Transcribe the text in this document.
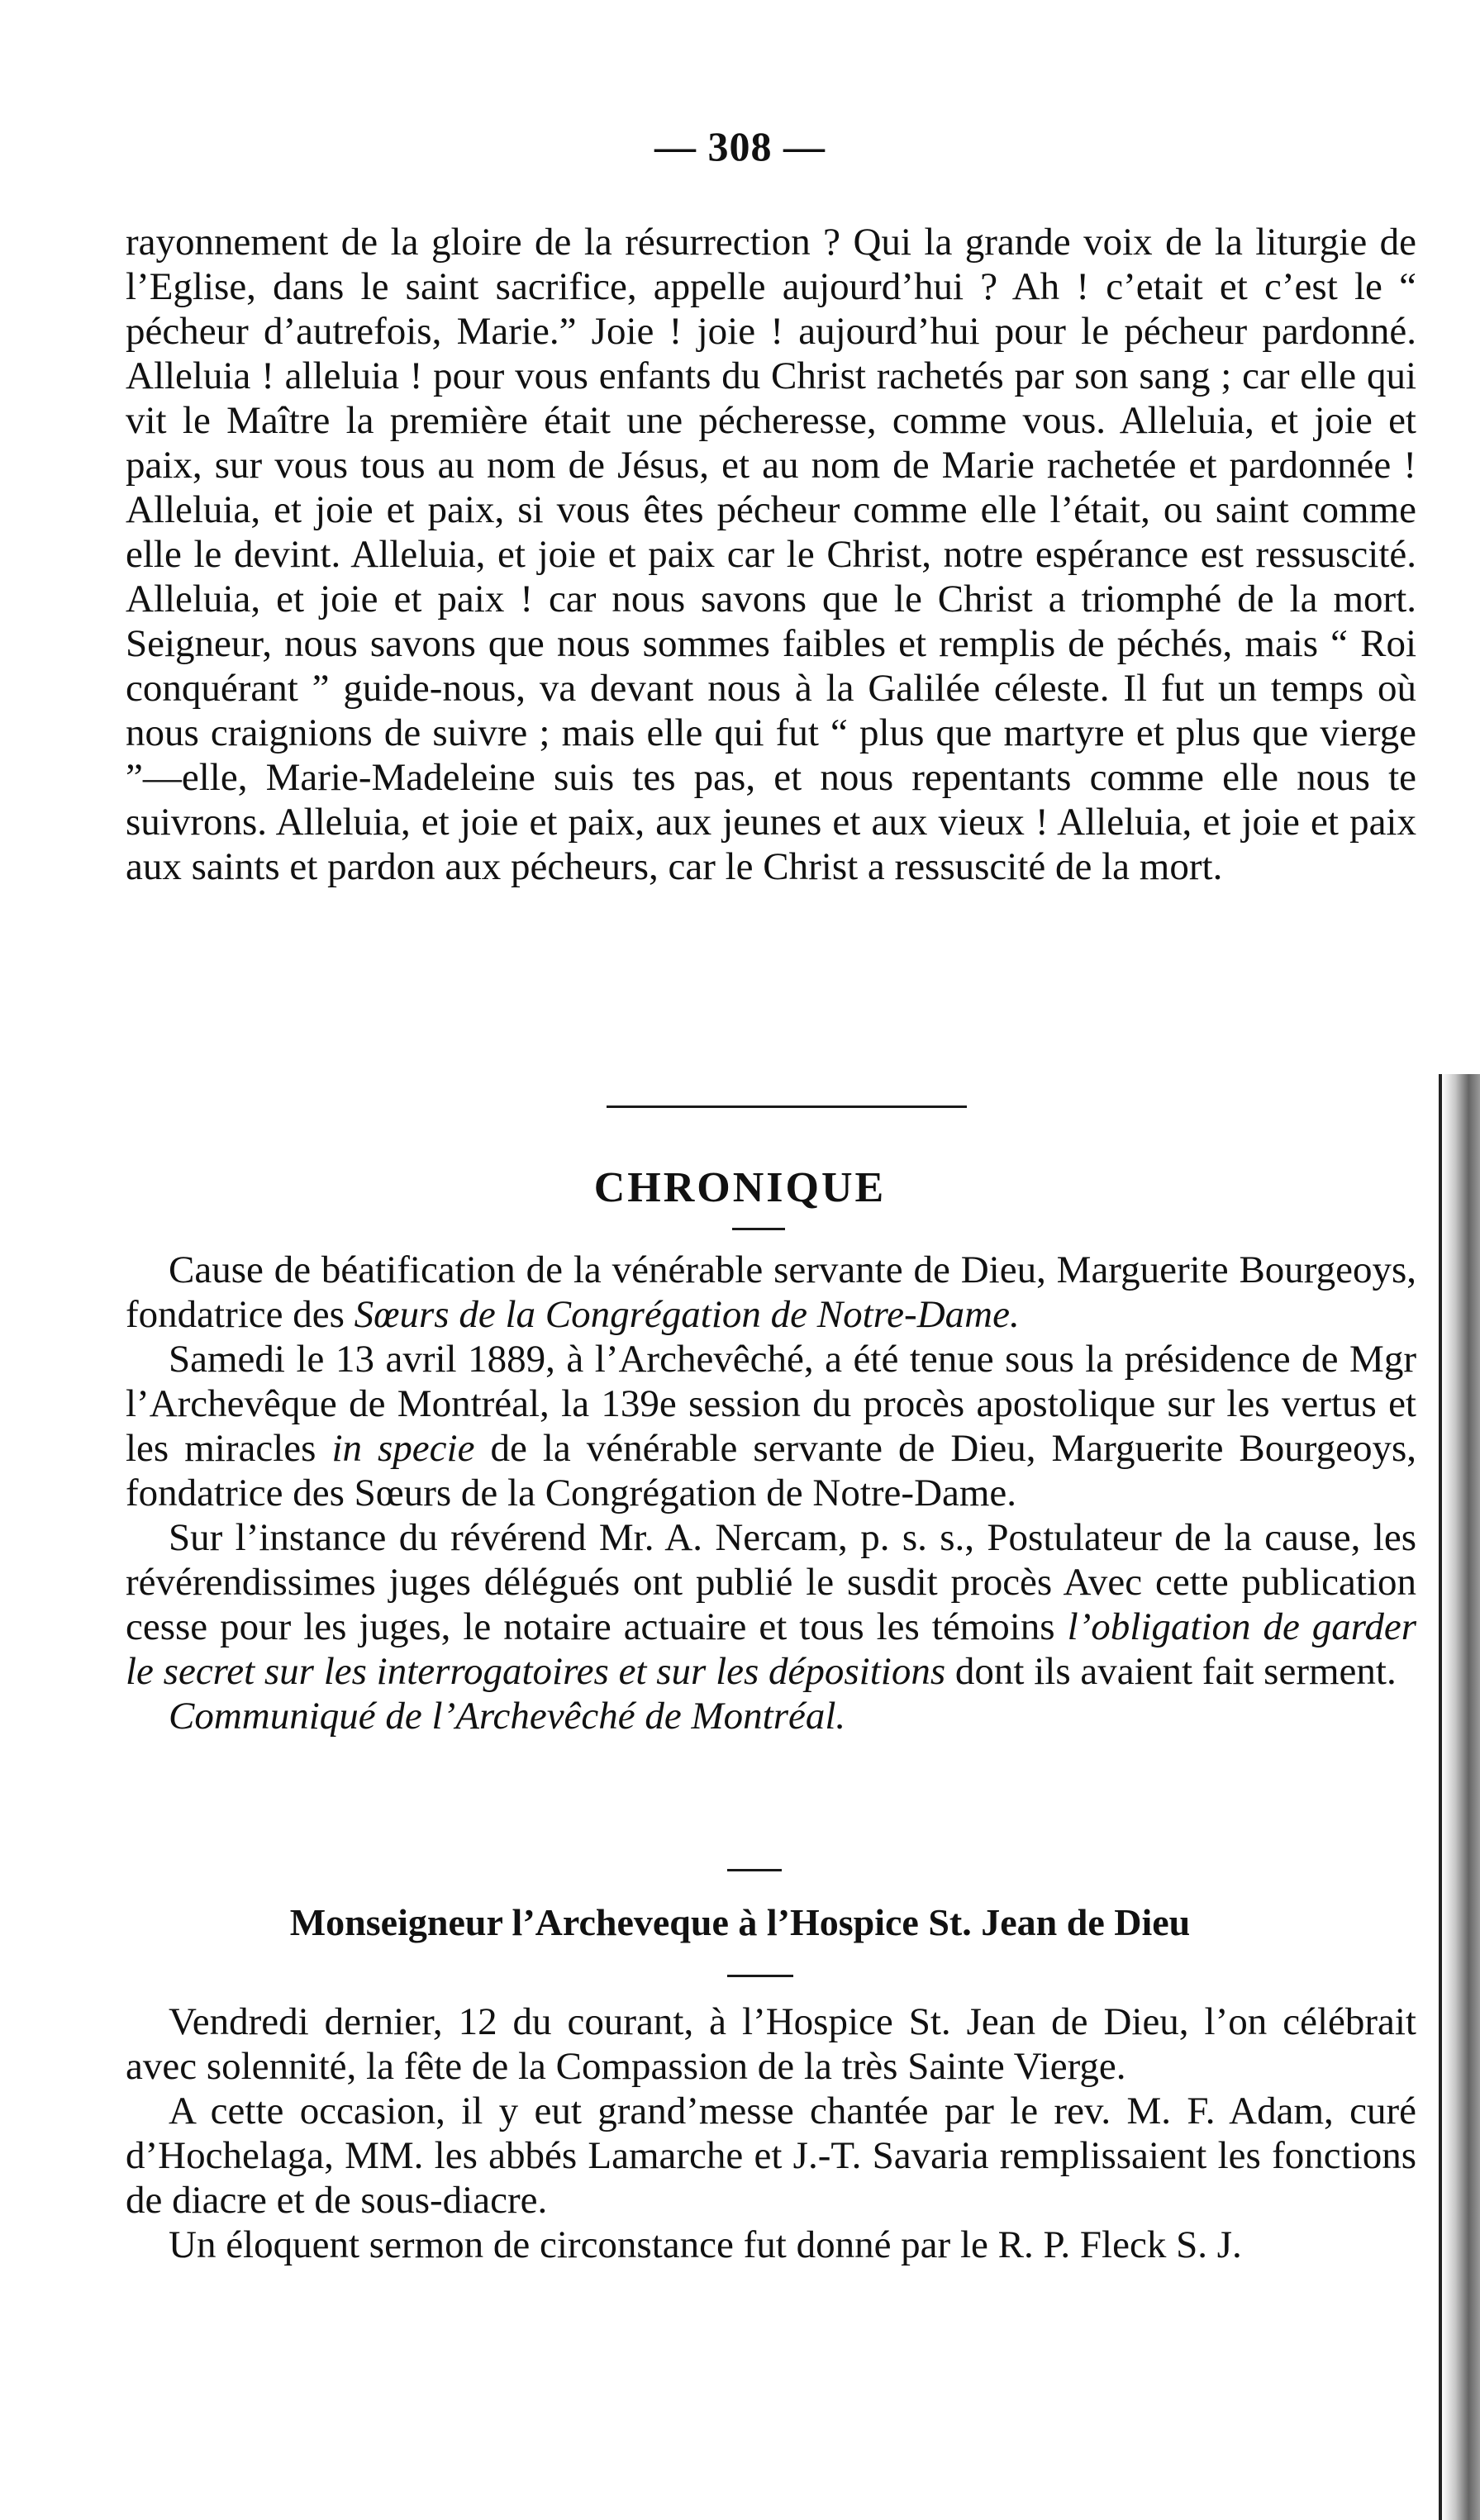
— 308 —

rayonnement de la gloire de la résurrection ? Qui la grande voix de la liturgie de l’Eglise, dans le saint sacrifice, appelle aujourd’hui ? Ah ! c’etait et c’est le “ pécheur d’autrefois, Marie.” Joie ! joie ! aujourd’hui pour le pécheur pardonné. Alleluia ! alleluia ! pour vous enfants du Christ rachetés par son sang ; car elle qui vit le Maître la première était une pécheresse, comme vous. Alleluia, et joie et paix, sur vous tous au nom de Jésus, et au nom de Marie rachetée et pardonnée ! Alleluia, et joie et paix, si vous êtes pécheur comme elle l’était, ou saint comme elle le devint. Alleluia, et joie et paix car le Christ, notre espérance est ressuscité. Alleluia, et joie et paix ! car nous savons que le Christ a triomphé de la mort. Seigneur, nous savons que nous sommes faibles et remplis de péchés, mais “ Roi conquérant ” guide-nous, va devant nous à la Galilée céleste. Il fut un temps où nous craignions de suivre ; mais elle qui fut “ plus que martyre et plus que vierge ”—elle, Marie-Madeleine suis tes pas, et nous repentants comme elle nous te suivrons. Alleluia, et joie et paix, aux jeunes et aux vieux ! Alleluia, et joie et paix aux saints et pardon aux pécheurs, car le Christ a ressuscité de la mort.

CHRONIQUE

Cause de béatification de la vénérable servante de Dieu, Marguerite Bourgeoys, fondatrice des Sœurs de la Congrégation de Notre-Dame.

Samedi le 13 avril 1889, à l’Archevêché, a été tenue sous la présidence de Mgr l’Archevêque de Montréal, la 139e session du procès apostolique sur les vertus et les miracles in specie de la vénérable servante de Dieu, Marguerite Bourgeoys, fondatrice des Sœurs de la Congrégation de Notre-Dame.

Sur l’instance du révérend Mr. A. Nercam, p. s. s., Postulateur de la cause, les révérendissimes juges délégués ont publié le susdit procès Avec cette publication cesse pour les juges, le notaire actuaire et tous les témoins l’obligation de garder le secret sur les interrogatoires et sur les dépositions dont ils avaient fait serment.

Communiqué de l’Archevêché de Montréal.

Monseigneur l’Archeveque à l’Hospice St. Jean de Dieu

Vendredi dernier, 12 du courant, à l’Hospice St. Jean de Dieu, l’on célébrait avec solennité, la fête de la Compassion de la très Sainte Vierge.

A cette occasion, il y eut grand’messe chantée par le rev. M. F. Adam, curé d’Hochelaga, MM. les abbés Lamarche et J.-T. Savaria remplissaient les fonctions de diacre et de sous-diacre.

Un éloquent sermon de circonstance fut donné par le R. P. Fleck S. J.
